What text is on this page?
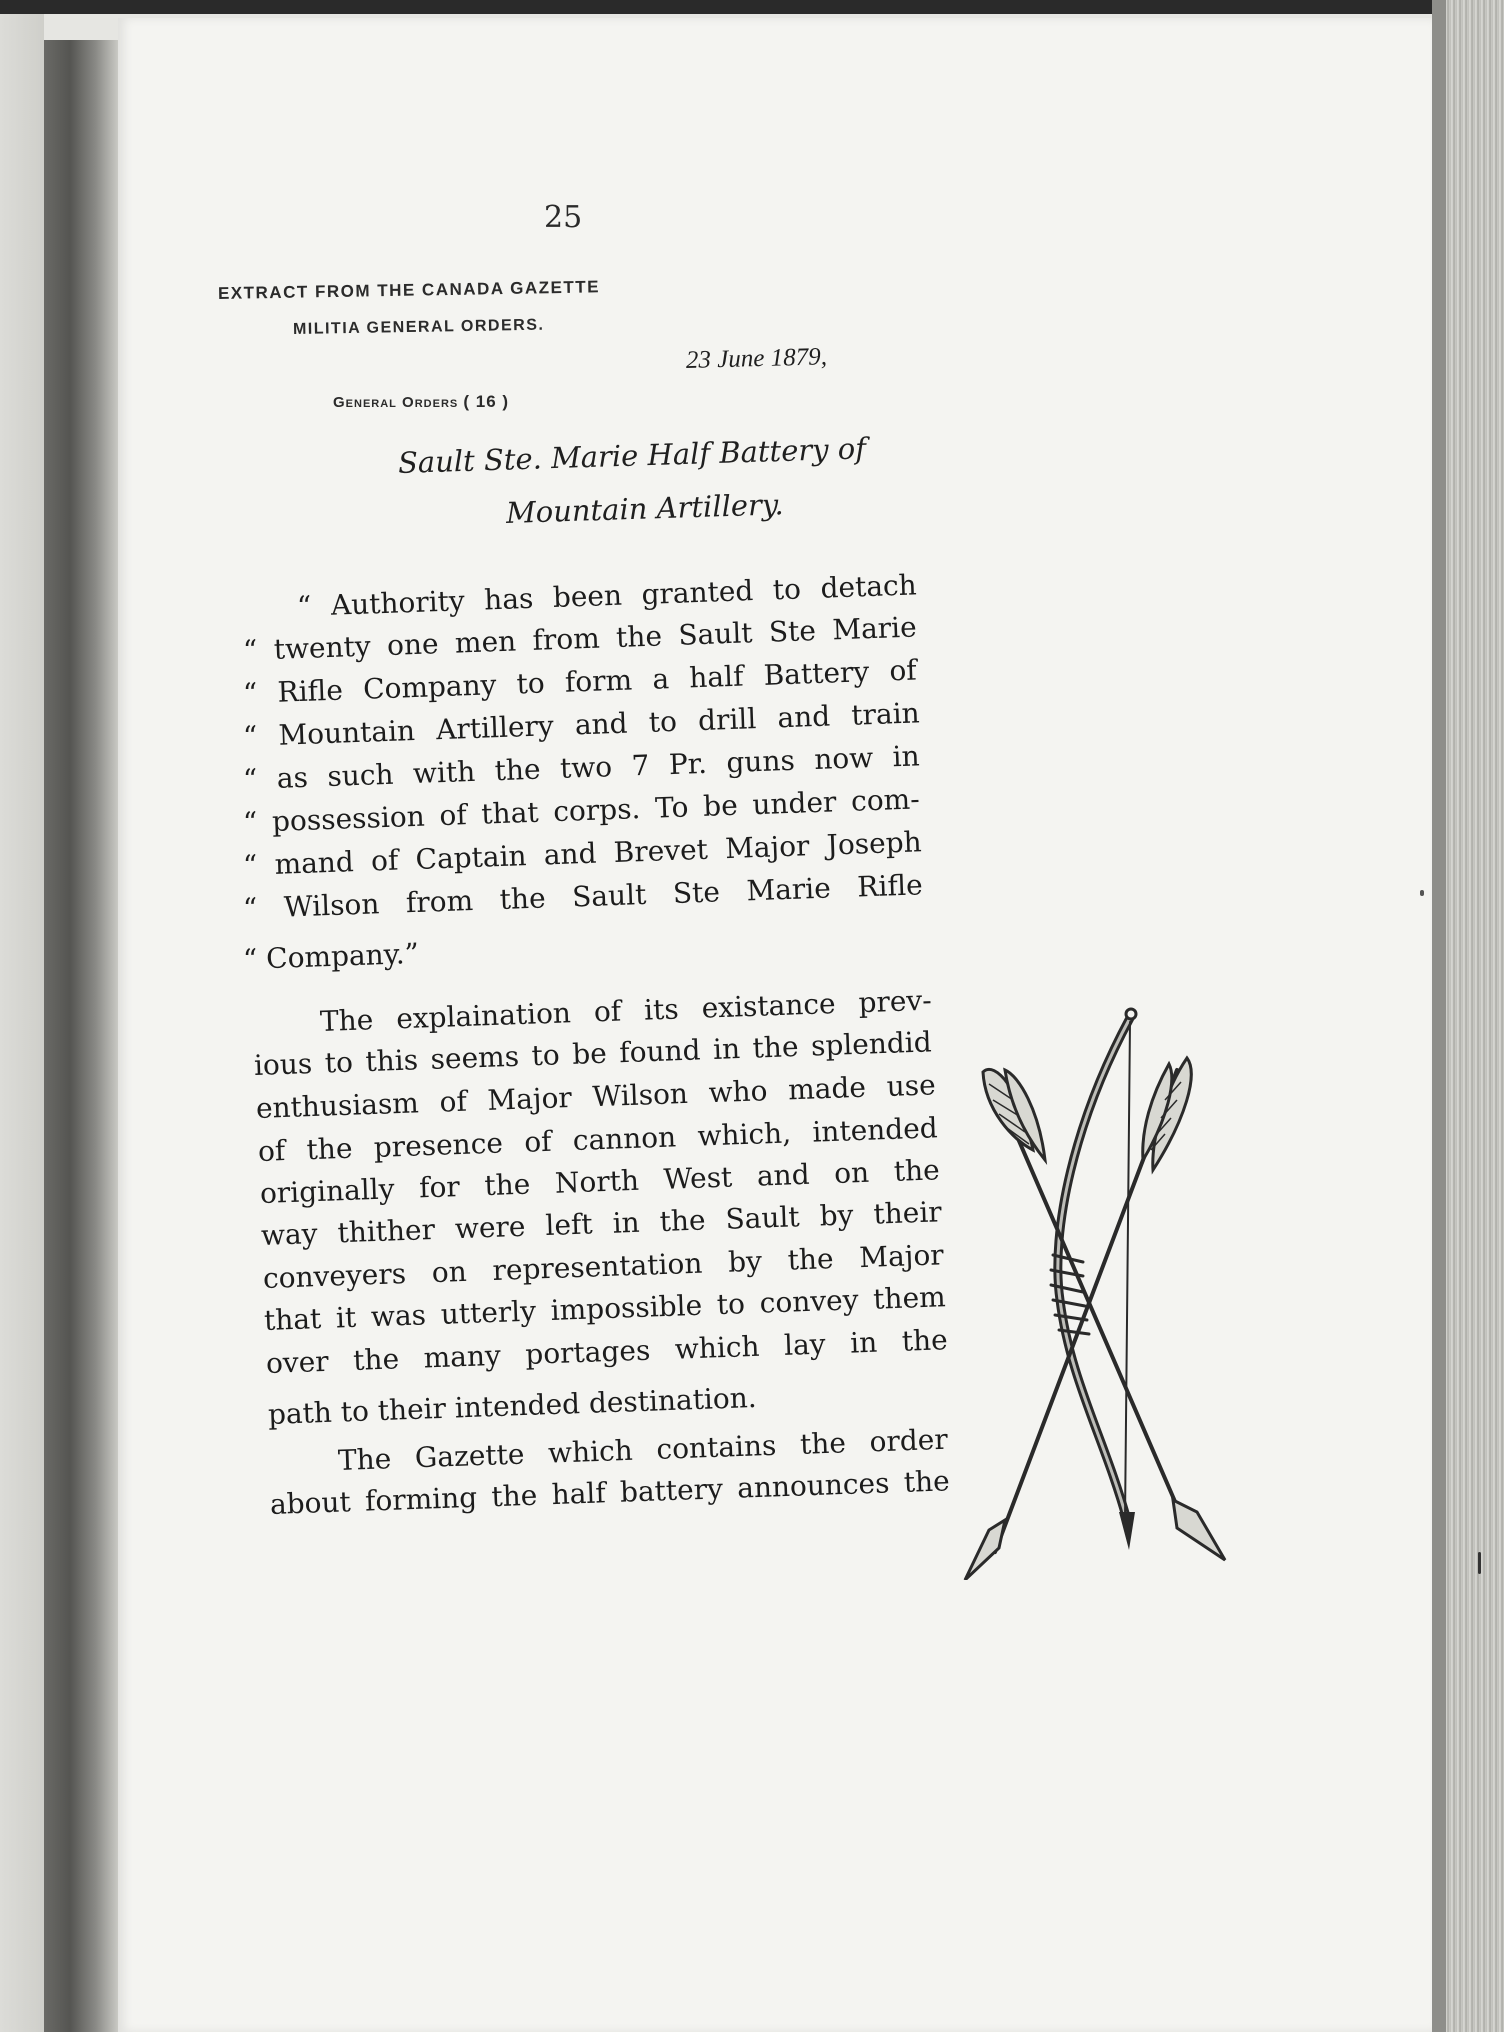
25

EXTRACT FROM THE CANADA GAZETTE

MILITIA GENERAL ORDERS.

23 June 1879,

General Orders ( 16 )

Sault Ste. Marie Half Battery of

Mountain Artillery.

“ Authority has been granted to detach

“ twenty one men from the Sault Ste Marie

“ Rifle Company to form a half Battery of

“ Mountain Artillery and to drill and train

“ as such with the two 7 Pr. guns now in

“ possession of that corps. To be under com-

“ mand of Captain and Brevet Major Joseph

“ Wilson from the Sault Ste Marie Rifle

“ Company.”

The explaination of its existance prev-

ious to this seems to be found in the splendid

enthusiasm of Major Wilson who made use

of the presence of cannon which, intended

originally for the North West and on the

way thither were left in the Sault by their

conveyers on representation by the Major

that it was utterly impossible to convey them

over the many portages which lay in the

path to their intended destination.

The Gazette which contains the order

about forming the half battery announces the
